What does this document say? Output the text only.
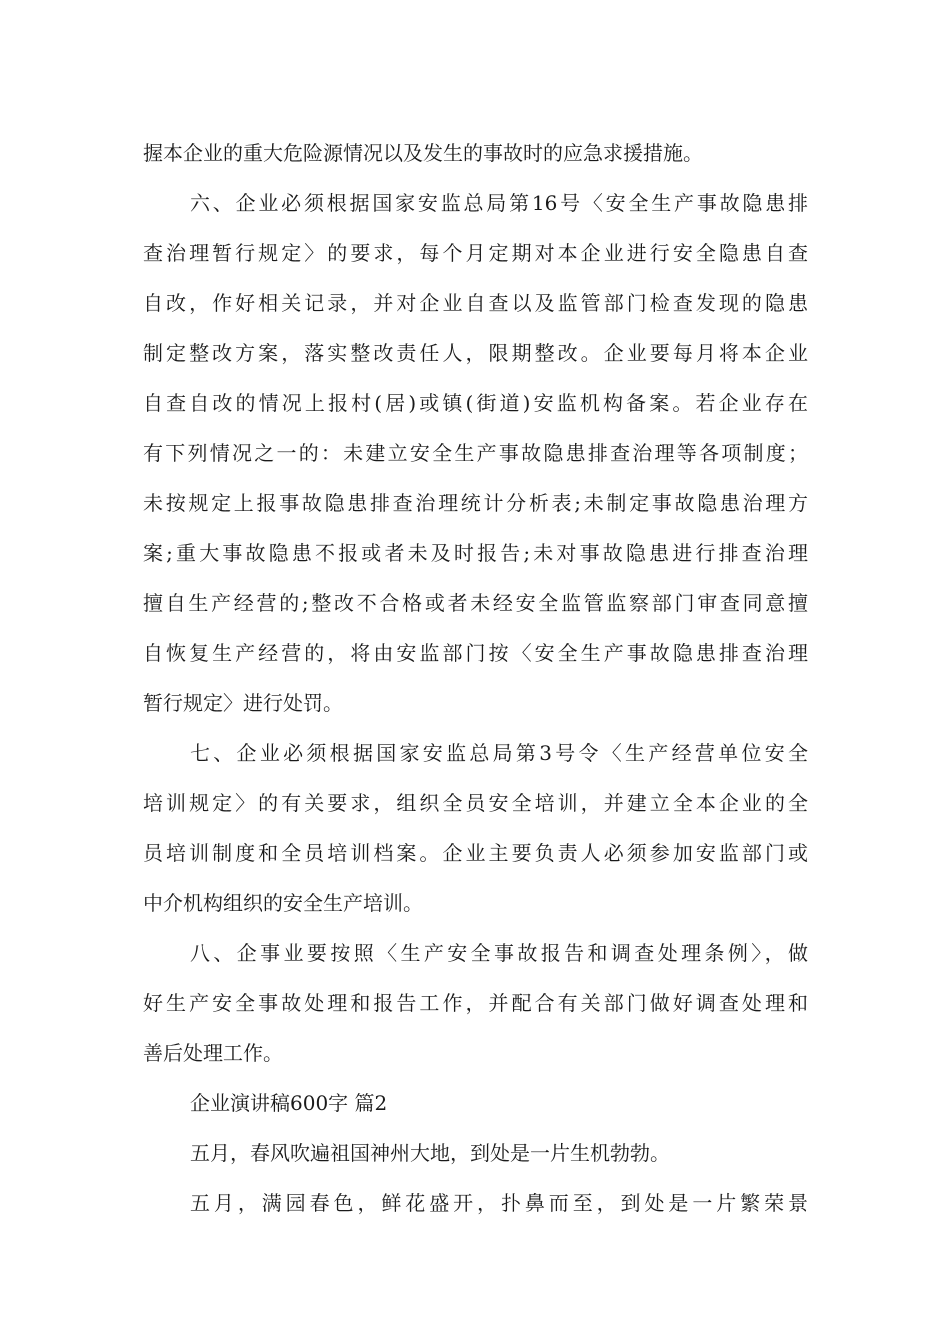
握本企业的重大危险源情况以及发生的事故时的应急求援措施。
六、企业必须根据国家安监总局第16号〈安全生产事故隐患排
查治理暂行规定〉的要求，每个月定期对本企业进行安全隐患自查
自改，作好相关记录，并对企业自查以及监管部门检查发现的隐患
制定整改方案，落实整改责任人，限期整改。企业要每月将本企业
自查自改的情况上报村(居)或镇(街道)安监机构备案。若企业存在
有下列情况之一的：未建立安全生产事故隐患排查治理等各项制度；
未按规定上报事故隐患排查治理统计分析表;未制定事故隐患治理方
案;重大事故隐患不报或者未及时报告;未对事故隐患进行排查治理
擅自生产经营的;整改不合格或者未经安全监管监察部门审查同意擅
自恢复生产经营的，将由安监部门按〈安全生产事故隐患排查治理
暂行规定〉进行处罚。
七、企业必须根据国家安监总局第3号令〈生产经营单位安全
培训规定〉的有关要求，组织全员安全培训，并建立全本企业的全
员培训制度和全员培训档案。企业主要负责人必须参加安监部门或
中介机构组织的安全生产培训。
八、企事业要按照〈生产安全事故报告和调查处理条例〉，做
好生产安全事故处理和报告工作，并配合有关部门做好调查处理和
善后处理工作。
企业演讲稿600字 篇2
五月，春风吹遍祖国神州大地，到处是一片生机勃勃。
五月，满园春色，鲜花盛开，扑鼻而至，到处是一片繁荣景
